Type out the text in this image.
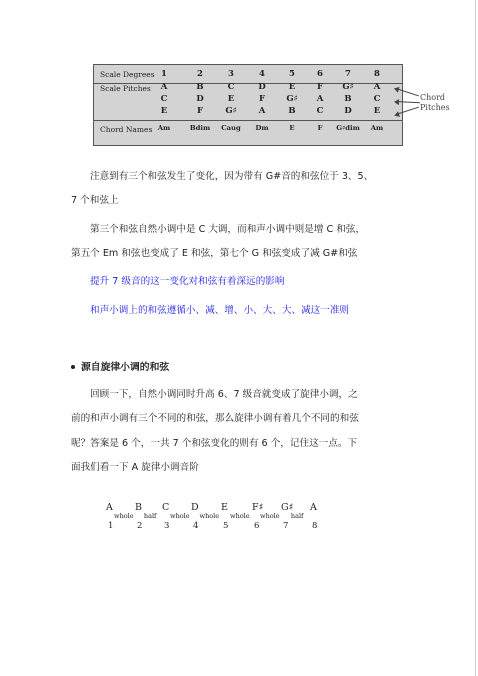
Scale Degrees
Scale Pitches
Chord Names
1	2	3	4	5	6	7	8
A	B	C	D	E	F	G♯	A
C	D	E	F	G♯	A	B	C
E	F	G♯	A	B	C	D	E
Am	Bdim	Caug	Dm	E	F	G♯dim	Am
Chord
Pitches
注意到有三个和弦发生了变化，因为带有 G#音的和弦位于 3、5、
7 个和弦上
第三个和弦自然小调中是 C 大调，而和声小调中则是增 C 和弦，
第五个 Em 和弦也变成了 E 和弦，第七个 G 和弦变成了减 G#和弦
提升 7 级音的这一变化对和弦有着深远的影响
和声小调上的和弦遵循小、减、增、小、大、大、减这一准则
源自旋律小调的和弦
回顾一下，自然小调同时升高 6、7 级音就变成了旋律小调，之
前的和声小调有三个不同的和弦，那么旋律小调有着几个不同的和弦
呢？答案是 6 个，一共 7 个和弦变化的则有 6 个，记住这一点。下
面我们看一下 A 旋律小调音阶
A B C D E	F♯ G♯ A
whole half whole whole whole whole half
1	2	3	4	5	6	7	8
